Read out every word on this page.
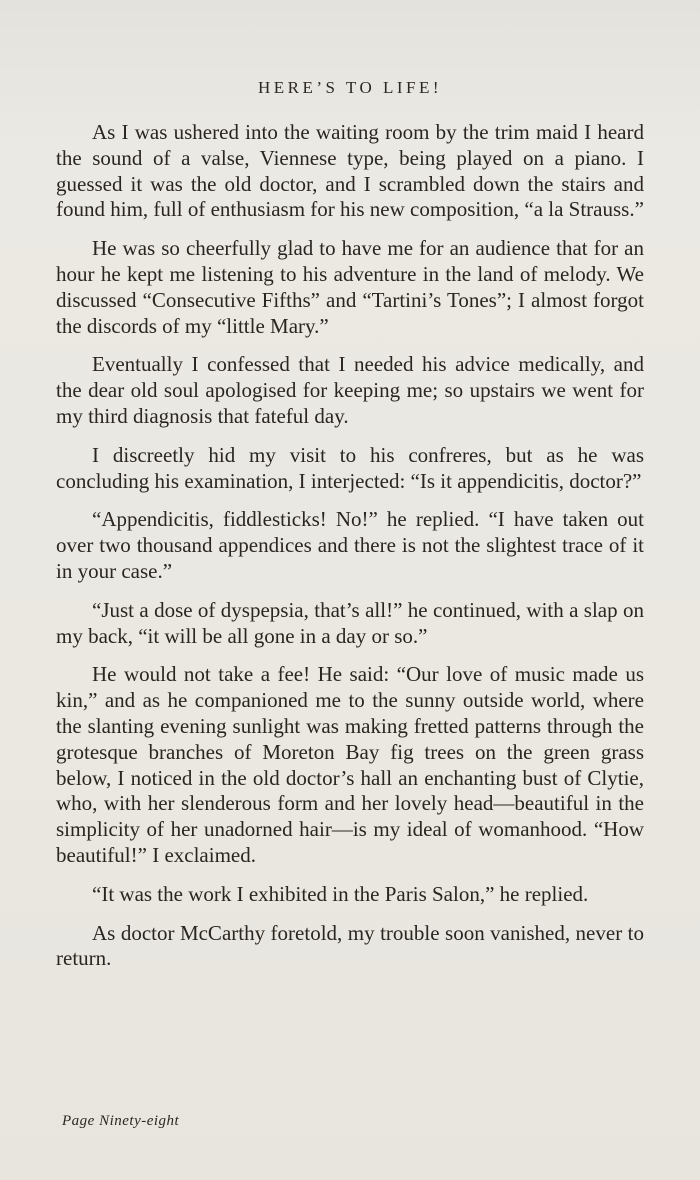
HERE’S TO LIFE!

As I was ushered into the waiting room by the trim maid I heard the sound of a valse, Viennese type, being played on a piano. I guessed it was the old doctor, and I scrambled down the stairs and found him, full of enthusiasm for his new composition, “a la Strauss.”

He was so cheerfully glad to have me for an audience that for an hour he kept me listening to his adventure in the land of melody. We discussed “Consecutive Fifths” and “Tartini’s Tones”; I almost forgot the discords of my “little Mary.”

Eventually I confessed that I needed his advice medically, and the dear old soul apologised for keeping me; so upstairs we went for my third diagnosis that fateful day.

I discreetly hid my visit to his confreres, but as he was concluding his examination, I interjected: “Is it appendicitis, doctor?”

“Appendicitis, fiddlesticks! No!” he replied. “I have taken out over two thousand appendices and there is not the slightest trace of it in your case.”

“Just a dose of dyspepsia, that’s all!” he continued, with a slap on my back, “it will be all gone in a day or so.”

He would not take a fee! He said: “Our love of music made us kin,” and as he companioned me to the sunny outside world, where the slanting evening sunlight was making fretted patterns through the grotesque branches of Moreton Bay fig trees on the green grass below, I noticed in the old doctor’s hall an enchanting bust of Clytie, who, with her slenderous form and her lovely head—beautiful in the simplicity of her unadorned hair—is my ideal of womanhood. “How beautiful!” I exclaimed.

“It was the work I exhibited in the Paris Salon,” he replied.

As doctor McCarthy foretold, my trouble soon vanished, never to return.

Page Ninety-eight
